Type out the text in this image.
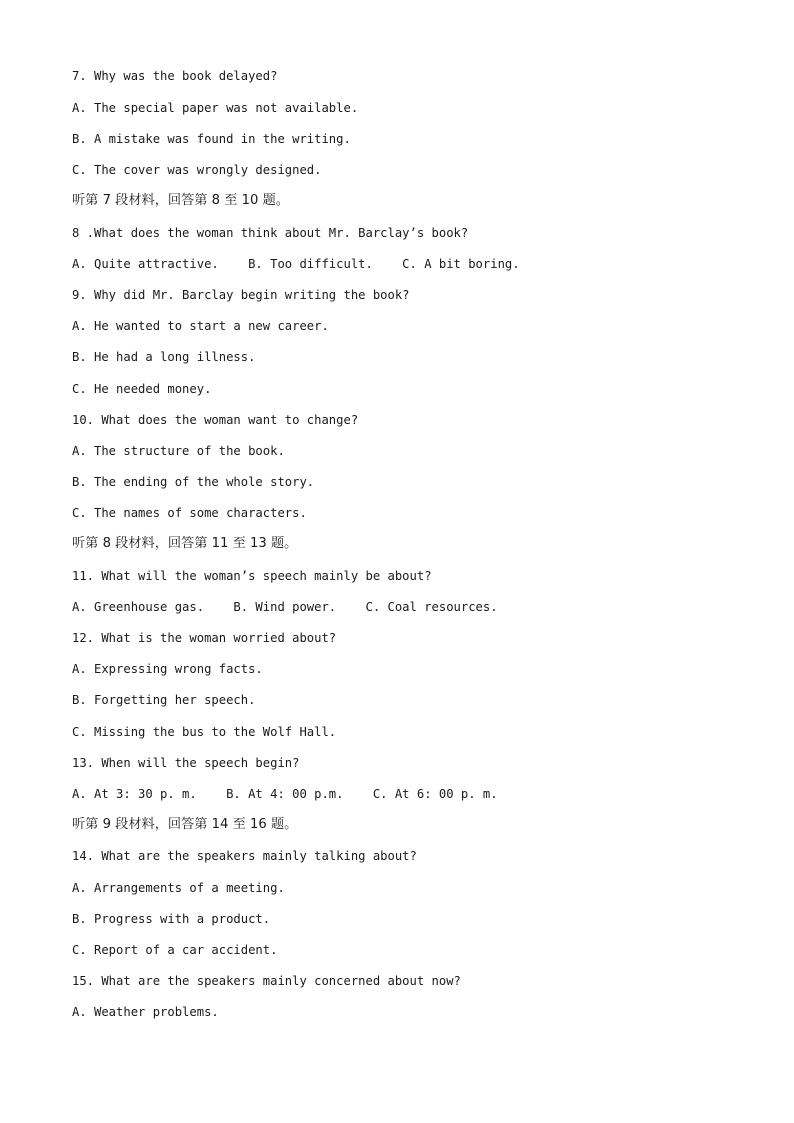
7. Why was the book delayed?
A. The special paper was not available.
B. A mistake was found in the writing.
C. The cover was wrongly designed.
听第 7 段材料，回答第 8 至 10 题。
8 .What does the woman think about Mr. Barclay’s book?
A. Quite attractive.    B. Too difficult.    C. A bit boring.
9. Why did Mr. Barclay begin writing the book?
A. He wanted to start a new career.
B. He had a long illness.
C. He needed money.
10. What does the woman want to change?
A. The structure of the book.
B. The ending of the whole story.
C. The names of some characters.
听第 8 段材料，回答第 11 至 13 题。
11. What will the woman’s speech mainly be about?
A. Greenhouse gas.    B. Wind power.    C. Coal resources.
12. What is the woman worried about?
A. Expressing wrong facts.
B. Forgetting her speech.
C. Missing the bus to the Wolf Hall.
13. When will the speech begin?
A. At 3: 30 p. m.    B. At 4: 00 p.m.    C. At 6: 00 p. m.
听第 9 段材料，回答第 14 至 16 题。
14. What are the speakers mainly talking about?
A. Arrangements of a meeting.
B. Progress with a product.
C. Report of a car accident.
15. What are the speakers mainly concerned about now?
A. Weather problems.
